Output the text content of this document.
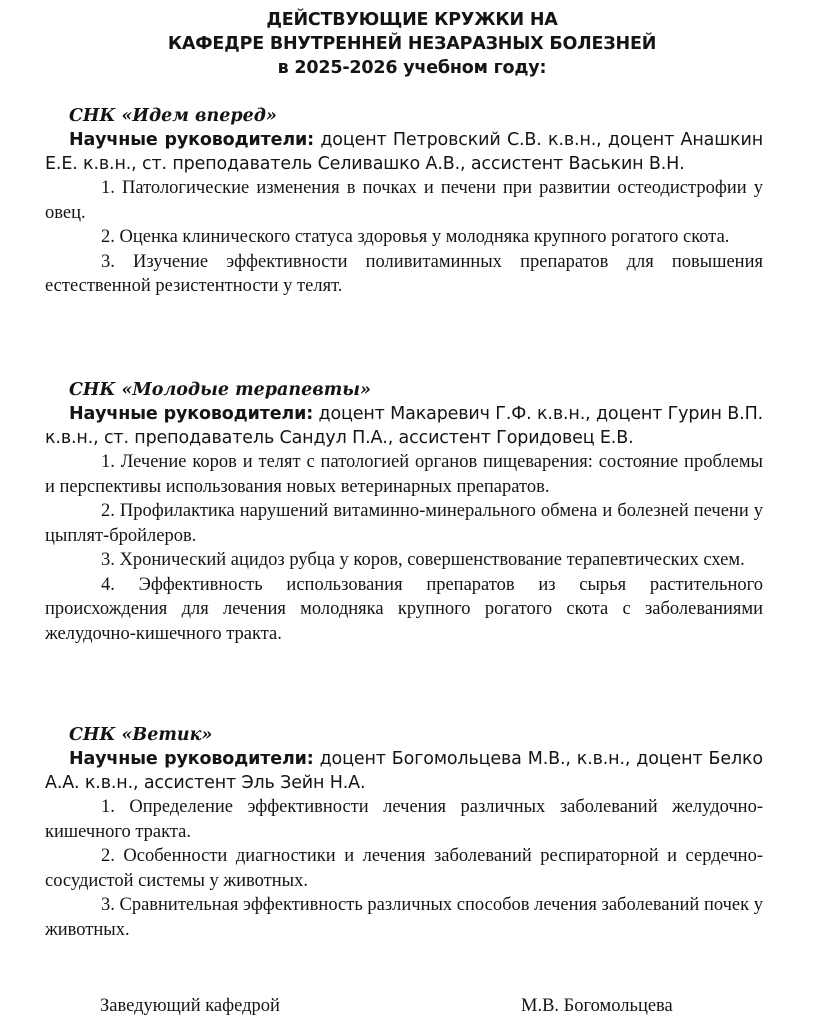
ДЕЙСТВУЮЩИЕ КРУЖКИ НА
КАФЕДРЕ ВНУТРЕННЕЙ НЕЗАРАЗНЫХ БОЛЕЗНЕЙ
в 2025-2026 учебном году:
СНК «Идем вперед»

Научные руководители: доцент Петровский С.В. к.в.н., доцент Анашкин Е.Е. к.в.н., ст. преподаватель Селивашко А.В., ассистент Васькин В.Н.

1. Патологические изменения в почках и печени при развитии остеодистрофии у овец.

2. Оценка клинического статуса здоровья у молодняка крупного рогатого скота.

3. Изучение эффективности поливитаминных препаратов для повышения естественной резистентности у телят.

СНК «Молодые терапевты»

Научные руководители: доцент Макаревич Г.Ф. к.в.н., доцент Гурин В.П. к.в.н., ст. преподаватель Сандул П.А., ассистент Горидовец Е.В.

1. Лечение коров и телят с патологией органов пищеварения: состояние проблемы и перспективы использования новых ветеринарных препаратов.

2. Профилактика нарушений витаминно-минерального обмена и болезней печени у цыплят-бройлеров.

3. Хронический ацидоз рубца у коров, совершенствование терапевтических схем.

4. Эффективность использования препаратов из сырья растительного происхождения для лечения молодняка крупного рогатого скота с заболеваниями желудочно-кишечного тракта.

СНК «Ветик»

Научные руководители: доцент Богомольцева М.В., к.в.н., доцент Белко А.А. к.в.н., ассистент Эль Зейн Н.А.

1. Определение эффективности лечения различных заболеваний желудочно-кишечного тракта.

2. Особенности диагностики и лечения заболеваний респираторной и сердечно-сосудистой системы у животных.

3. Сравнительная эффективность различных способов лечения заболеваний почек у животных.

Заведующий кафедрой	М.В. Богомольцева
